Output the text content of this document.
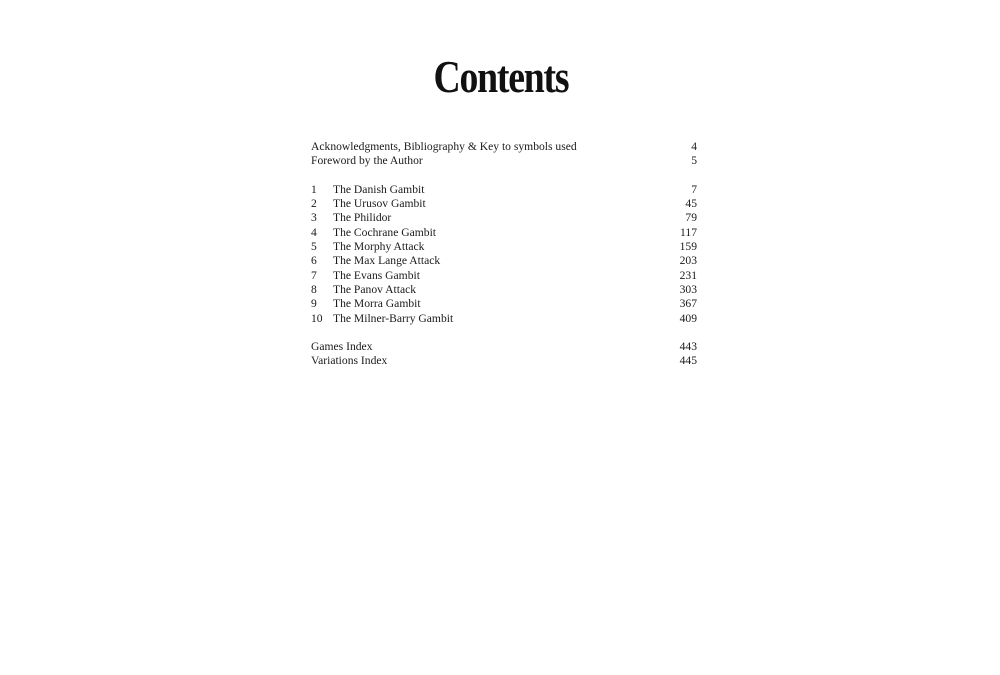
Contents
Acknowledgments, Bibliography & Key to symbols used	4
Foreword by the Author	5
1	The Danish Gambit	7
2	The Urusov Gambit	45
3	The Philidor	79
4	The Cochrane Gambit	117
5	The Morphy Attack	159
6	The Max Lange Attack	203
7	The Evans Gambit	231
8	The Panov Attack	303
9	The Morra Gambit	367
10 The Milner-Barry Gambit	409
Games Index	443
Variations Index	445
